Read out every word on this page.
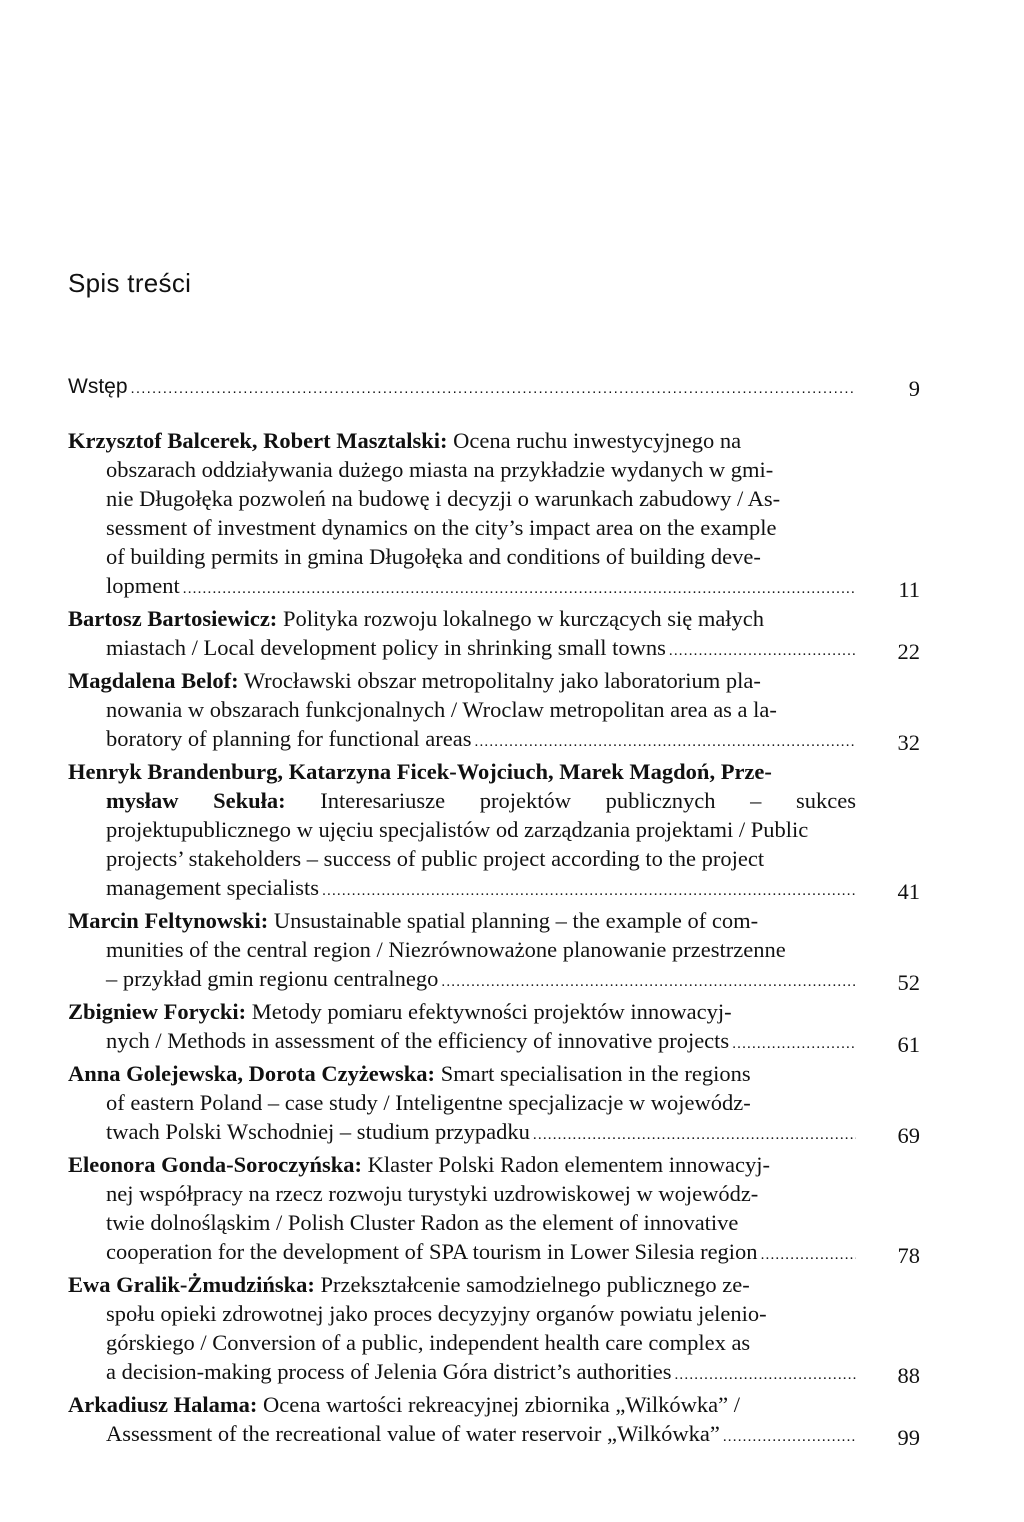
Spis treści
Wstęp .....	9
Krzysztof Balcerek, Robert Masztalski: Ocena ruchu inwestycyjnego na
obszarach oddziaływania dużego miasta na przykładzie wydanych w gmi-
nie Długołęka pozwoleń na budowę i decyzji o warunkach zabudowy / As-
sessment of investment dynamics on the city’s impact area on the example
of building permits in gmina Długołęka and conditions of building deve-
lopment .....	11
Bartosz Bartosiewicz: Polityka rozwoju lokalnego w kurczących się małych
miastach / Local development policy in shrinking small towns .....	22
Magdalena Belof: Wrocławski obszar metropolitalny jako laboratorium pla-
nowania w obszarach funkcjonalnych / Wroclaw metropolitan area as a la-
boratory of planning for functional areas .....	32
Henryk Brandenburg, Katarzyna Ficek-Wojciuch, Marek Magdoń, Prze-
mysław Sekuła: Interesariusze projektów publicznych – sukces projektupublicznego w ujęciu specjalistów od zarządzania projektami / Public
projects’ stakeholders – success of public project according to the project
management specialists .....	41
Marcin Feltynowski: Unsustainable spatial planning – the example of com-
munities of the central region / Niezrównoważone planowanie przestrzenne
– przykład gmin regionu centralnego .....	52
Zbigniew Forycki: Metody pomiaru efektywności projektów innowacyj-
nych / Methods in assessment of the efficiency of innovative projects .....	61
Anna Golejewska, Dorota Czyżewska: Smart specialisation in the regions
of eastern Poland – case study / Inteligentne specjalizacje w wojewódz-
twach Polski Wschodniej – studium przypadku .....	69
Eleonora Gonda-Soroczyńska: Klaster Polski Radon elementem innowacyj-
nej współpracy na rzecz rozwoju turystyki uzdrowiskowej w wojewódz-
twie dolnośląskim / Polish Cluster Radon as the element of innovative
cooperation for the development of SPA tourism in Lower Silesia region .....	78
Ewa Gralik-Żmudzińska: Przekształcenie samodzielnego publicznego ze-
społu opieki zdrowotnej jako proces decyzyjny organów powiatu jelenio-
górskiego / Conversion of a public, independent health care complex as
a decision-making process of Jelenia Góra district’s authorities .....	88
Arkadiusz Halama: Ocena wartości rekreacyjnej zbiornika „Wilkówka” /
Assessment of the recreational value of water reservoir „Wilkówka” .....	99
